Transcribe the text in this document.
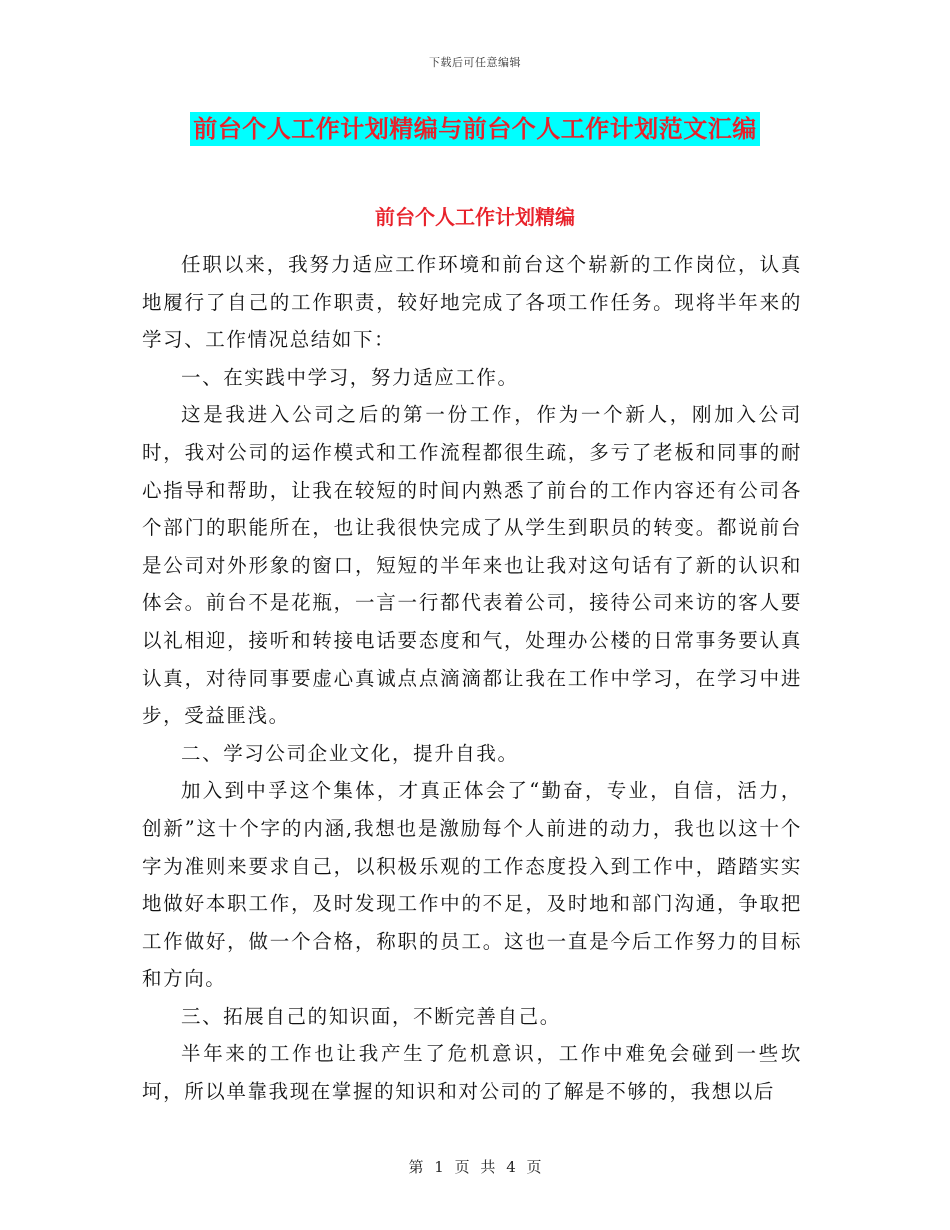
下载后可任意编辑
前台个人工作计划精编与前台个人工作计划范文汇编
前台个人工作计划精编

任职以来，我努力适应工作环境和前台这个崭新的工作岗位，认真地履行了自己的工作职责，较好地完成了各项工作任务。现将半年来的学习、工作情况总结如下：

一、在实践中学习，努力适应工作。

这是我进入公司之后的第一份工作，作为一个新人，刚加入公司时，我对公司的运作模式和工作流程都很生疏，多亏了老板和同事的耐心指导和帮助，让我在较短的时间内熟悉了前台的工作内容还有公司各个部门的职能所在，也让我很快完成了从学生到职员的转变。都说前台是公司对外形象的窗口，短短的半年来也让我对这句话有了新的认识和体会。前台不是花瓶，一言一行都代表着公司，接待公司来访的客人要以礼相迎，接听和转接电话要态度和气，处理办公楼的日常事务要认真认真，对待同事要虚心真诚点点滴滴都让我在工作中学习，在学习中进步，受益匪浅。

二、学习公司企业文化，提升自我。

加入到中孚这个集体，才真正体会了“勤奋，专业，自信，活力，创新”这十个字的内涵,我想也是激励每个人前进的动力，我也以这十个字为准则来要求自己，以积极乐观的工作态度投入到工作中，踏踏实实地做好本职工作，及时发现工作中的不足，及时地和部门沟通，争取把工作做好，做一个合格，称职的员工。这也一直是今后工作努力的目标和方向。

三、拓展自己的知识面，不断完善自己。

半年来的工作也让我产生了危机意识，工作中难免会碰到一些坎坷，所以单靠我现在掌握的知识和对公司的了解是不够的，我想以后

第 1 页 共 4 页
